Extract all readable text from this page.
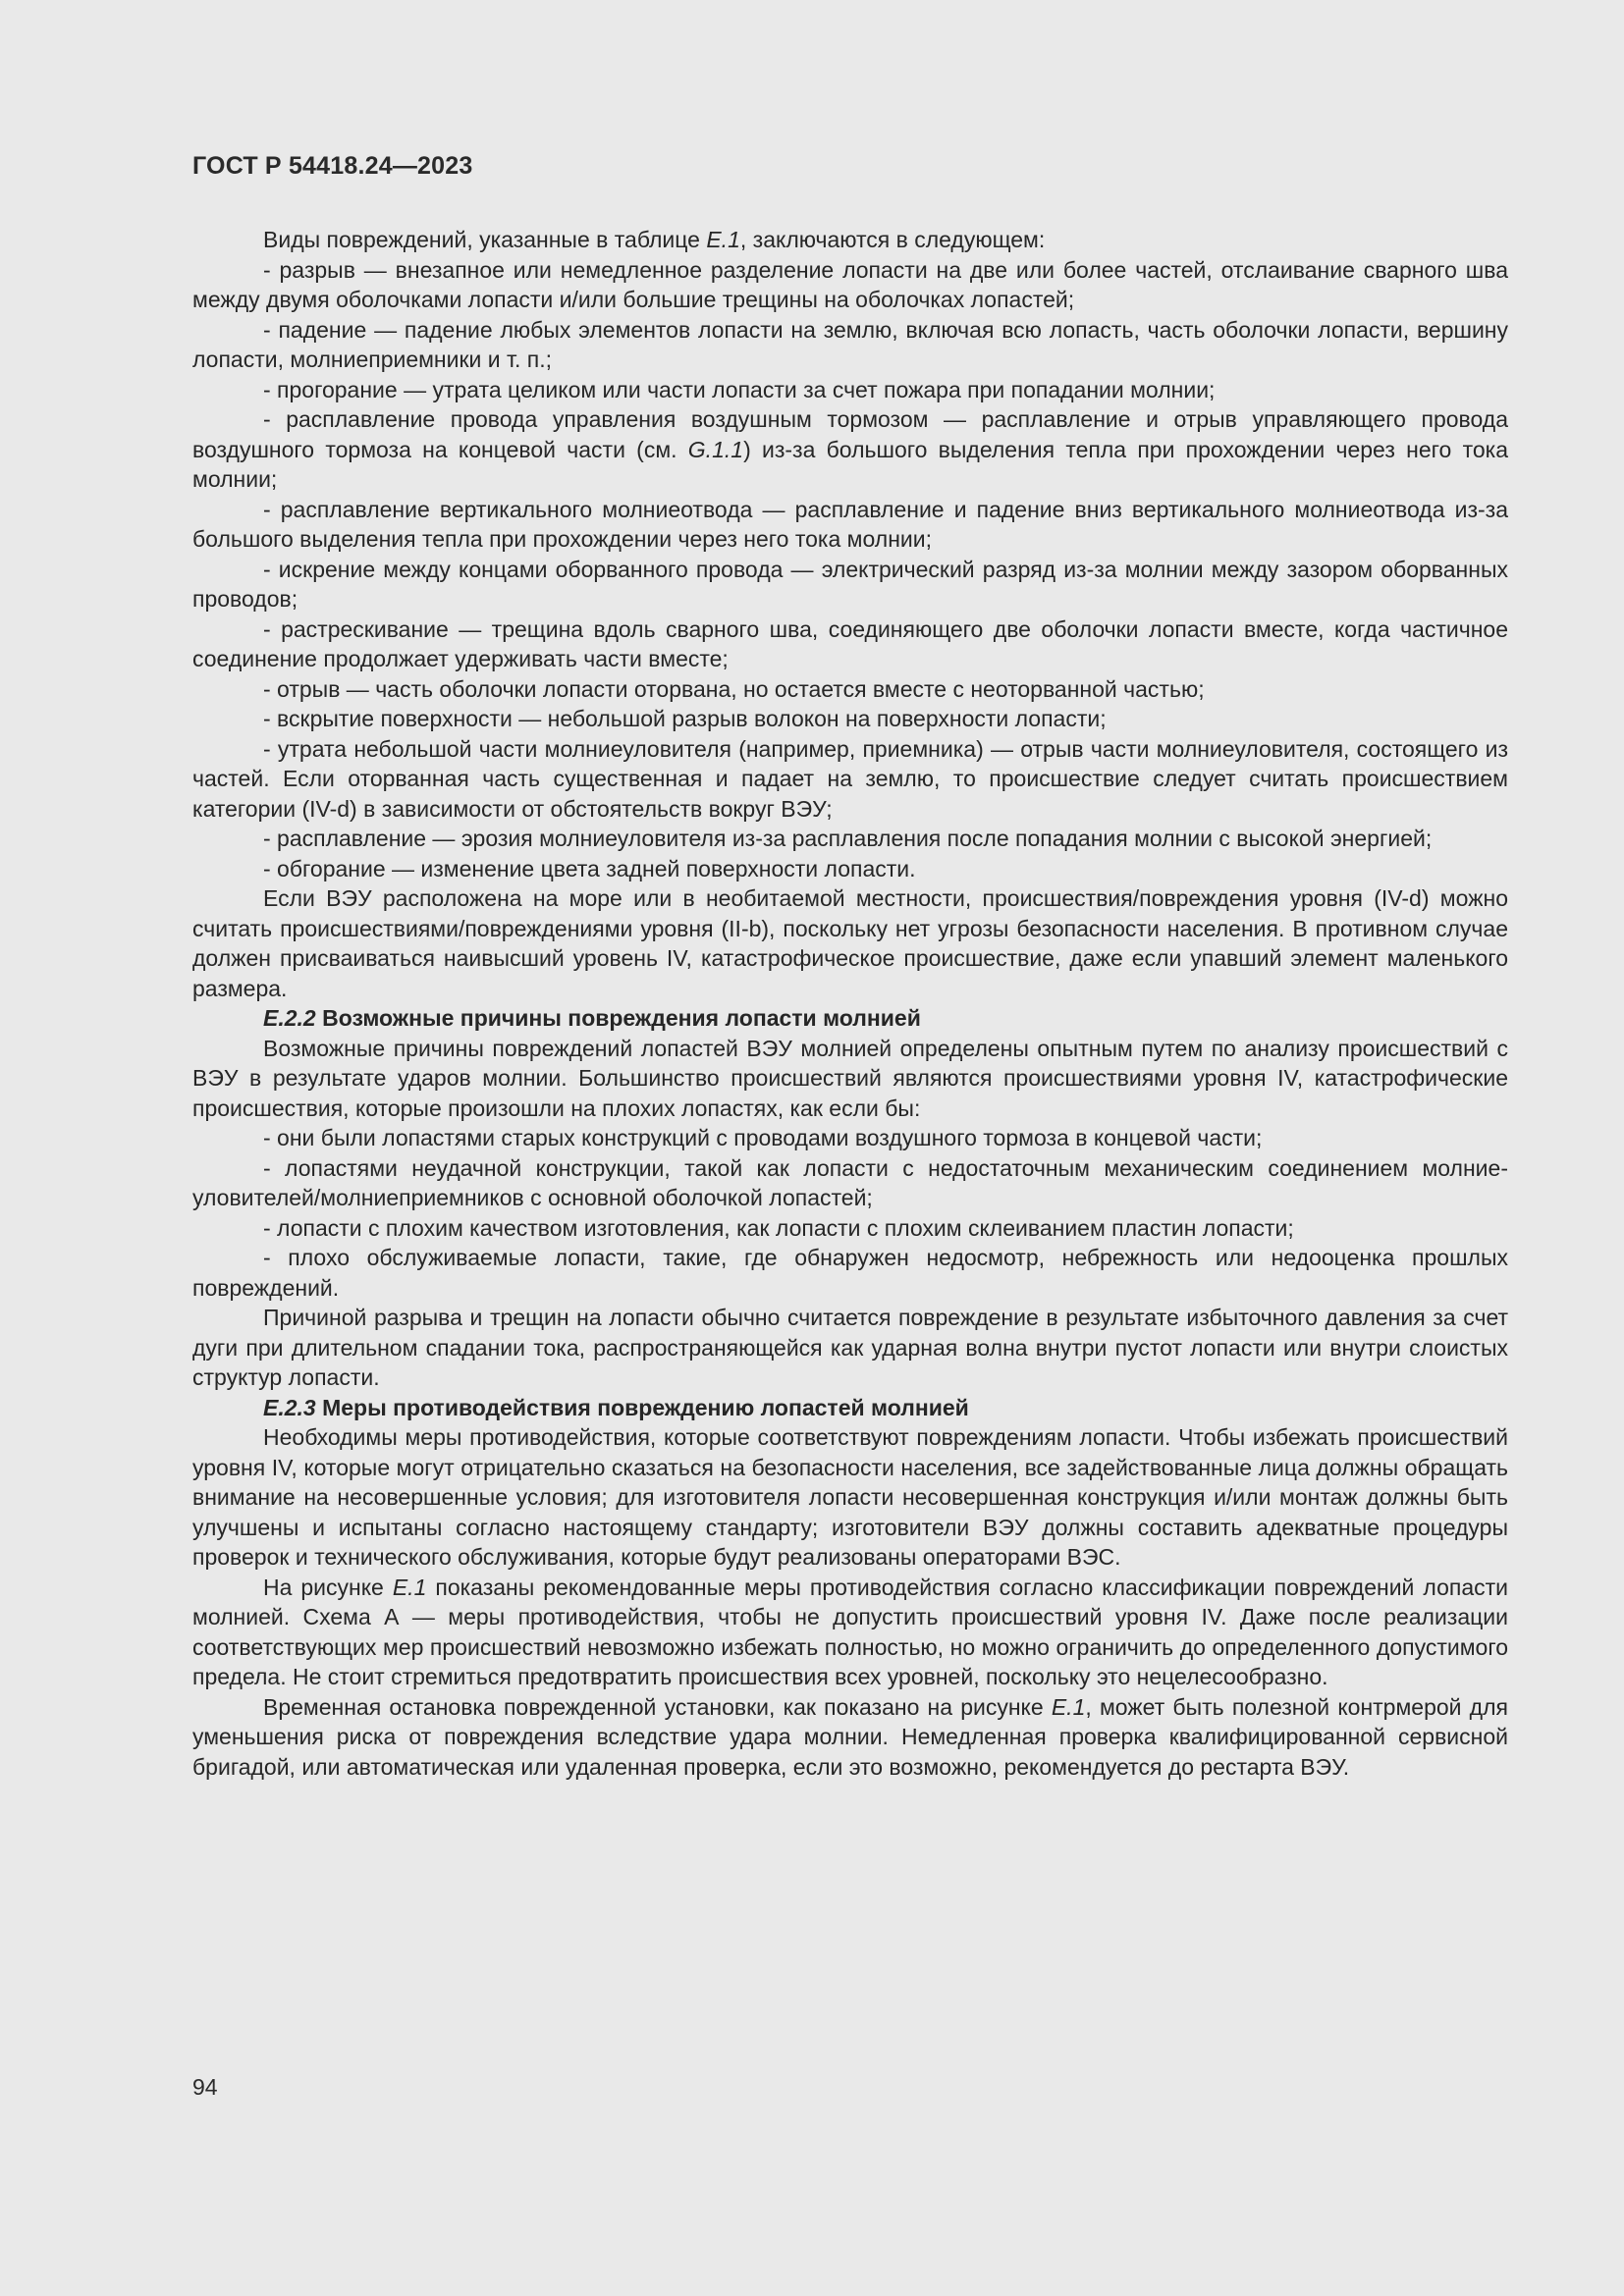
ГОСТ Р 54418.24—2023

Виды повреждений, указанные в таблице E.1, заключаются в следующем:

- разрыв — внезапное или немедленное разделение лопасти на две или более частей, отслаивание сварного шва между двумя оболочками лопасти и/или большие трещины на оболочках лопастей;

- падение — падение любых элементов лопасти на землю, включая всю лопасть, часть оболочки лопасти, вершину лопасти, молниеприемники и т. п.;

- прогорание — утрата целиком или части лопасти за счет пожара при попадании молнии;

- расплавление провода управления воздушным тормозом — расплавление и отрыв управляющего провода воздушного тормоза на концевой части (см. G.1.1) из-за большого выделения тепла при прохождении через него тока молнии;

- расплавление вертикального молниеотвода — расплавление и падение вниз вертикального молниеотвода из-за большого выделения тепла при прохождении через него тока молнии;

- искрение между концами оборванного провода — электрический разряд из-за молнии между зазором оборванных проводов;

- растрескивание — трещина вдоль сварного шва, соединяющего две оболочки лопасти вместе, когда частичное соединение продолжает удерживать части вместе;

- отрыв — часть оболочки лопасти оторвана, но остается вместе с неоторванной частью;

- вскрытие поверхности — небольшой разрыв волокон на поверхности лопасти;

- утрата небольшой части молниеуловителя (например, приемника) — отрыв части молниеуловителя, состоящего из частей. Если оторванная часть существенная и падает на землю, то происшествие следует считать происшествием категории (IV-d) в зависимости от обстоятельств вокруг ВЭУ;

- расплавление — эрозия молниеуловителя из-за расплавления после попадания молнии с высокой энергией;

- обгорание — изменение цвета задней поверхности лопасти.

Если ВЭУ расположена на море или в необитаемой местности, происшествия/повреждения уровня (IV-d) можно считать происшествиями/повреждениями уровня (II-b), поскольку нет угрозы безопасности населения. В противном случае должен присваиваться наивысший уровень IV, катастрофическое происшествие, даже если упавший элемент маленького размера.

E.2.2 Возможные причины повреждения лопасти молнией

Возможные причины повреждений лопастей ВЭУ молнией определены опытным путем по анализу происшествий с ВЭУ в результате ударов молнии. Большинство происшествий являются происшествиями уровня IV, катастрофические происшествия, которые произошли на плохих лопастях, как если бы:

- они были лопастями старых конструкций с проводами воздушного тормоза в концевой части;

- лопастями неудачной конструкции, такой как лопасти с недостаточным механическим соединением молниеуловителей/молниеприемников с основной оболочкой лопастей;

- лопасти с плохим качеством изготовления, как лопасти с плохим склеиванием пластин лопасти;

- плохо обслуживаемые лопасти, такие, где обнаружен недосмотр, небрежность или недооценка прошлых повреждений.

Причиной разрыва и трещин на лопасти обычно считается повреждение в результате избыточного давления за счет дуги при длительном спадании тока, распространяющейся как ударная волна внутри пустот лопасти или внутри слоистых структур лопасти.

E.2.3 Меры противодействия повреждению лопастей молнией

Необходимы меры противодействия, которые соответствуют повреждениям лопасти. Чтобы избежать происшествий уровня IV, которые могут отрицательно сказаться на безопасности населения, все задействованные лица должны обращать внимание на несовершенные условия; для изготовителя лопасти несовершенная конструкция и/или монтаж должны быть улучшены и испытаны согласно настоящему стандарту; изготовители ВЭУ должны составить адекватные процедуры проверок и технического обслуживания, которые будут реализованы операторами ВЭС.

На рисунке E.1 показаны рекомендованные меры противодействия согласно классификации повреждений лопасти молнией. Схема А — меры противодействия, чтобы не допустить происшествий уровня IV. Даже после реализации соответствующих мер происшествий невозможно избежать полностью, но можно ограничить до определенного допустимого предела. Не стоит стремиться предотвратить происшествия всех уровней, поскольку это нецелесообразно.

Временная остановка поврежденной установки, как показано на рисунке E.1, может быть полезной контрмерой для уменьшения риска от повреждения вследствие удара молнии. Немедленная проверка квалифицированной сервисной бригадой, или автоматическая или удаленная проверка, если это возможно, рекомендуется до рестарта ВЭУ.

94
